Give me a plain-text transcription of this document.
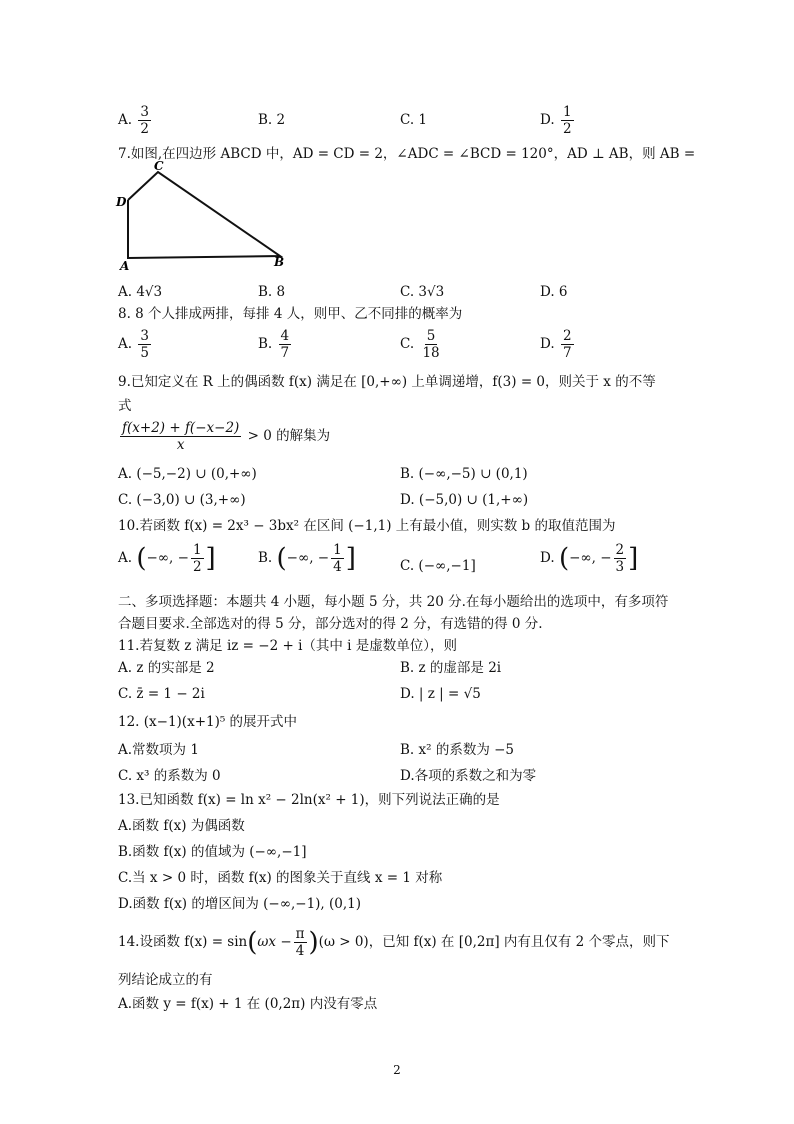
A. $\frac{3}{2}$	B. 2	C. 1	D. $\frac{1}{2}$
7.如图,在四边形 ABCD 中，AD = CD = 2，∠ADC = ∠BCD = 120°，AD ⊥ AB，则 AB =
C
D
A	B
A. 4√3	B. 8	C. 3√3	D. 6
8. 8 个人排成两排，每排 4 人，则甲、乙不同排的概率为
A. $\frac{3}{5}$	B. $\frac{4}{7}$	C. $\frac{5}{18}$	D. $\frac{2}{7}$
9.已知定义在 R 上的偶函数 f(x) 满足在 [0,+∞) 上单调递增，f(3) = 0，则关于 x 的不等
式
$\frac{f(x+2) + f(-x-2)}{x} > 0$ 的解集为
A. (−5,−2) ∪ (0,+∞)	B. (−∞,−5) ∪ (0,1)
C. (−3,0) ∪ (3,+∞)	D. (−5,0) ∪ (1,+∞)
10.若函数 f(x) = 2x³ − 3bx² 在区间 (−1,1) 上有最小值，则实数 b 的取值范围为
A. (−∞, − $\frac{1}{2}$ ]	B. (−∞, − $\frac{1}{4}$ ]	C. (−∞,−1]	D. (−∞, − $\frac{2}{3}$ ]
二、多项选择题：本题共 4 小题，每小题 5 分，共 20 分.在每小题给出的选项中，有多项符
合题目要求.全部选对的得 5 分，部分选对的得 2 分，有选错的得 0 分.
11.若复数 z 满足 iz = −2 + i（其中 i 是虚数单位），则
A. z 的实部是 2	B. z 的虚部是 2i
C. z̄ = 1 − 2i	D. | z | = √5
12. (x−1)(x+1)⁵ 的展开式中
A.常数项为 1	B. x² 的系数为 −5
C. x³ 的系数为 0	D.各项的系数之和为零
13.已知函数 f(x) = ln x² − 2ln(x² + 1)，则下列说法正确的是
A.函数 f(x) 为偶函数
B.函数 f(x) 的值域为 (−∞,−1]
C.当 x > 0 时，函数 f(x) 的图象关于直线 x = 1 对称
D.函数 f(x) 的增区间为 (−∞,−1), (0,1)
14.设函数 $f(x) = \sin(\omega x - \frac{\pi}{4} )(\omega > 0)$，已知 f(x) 在 [0,2π] 内有且仅有 2 个零点，则下
列结论成立的有
A.函数 y = f(x) + 1 在 (0,2π) 内没有零点
2
